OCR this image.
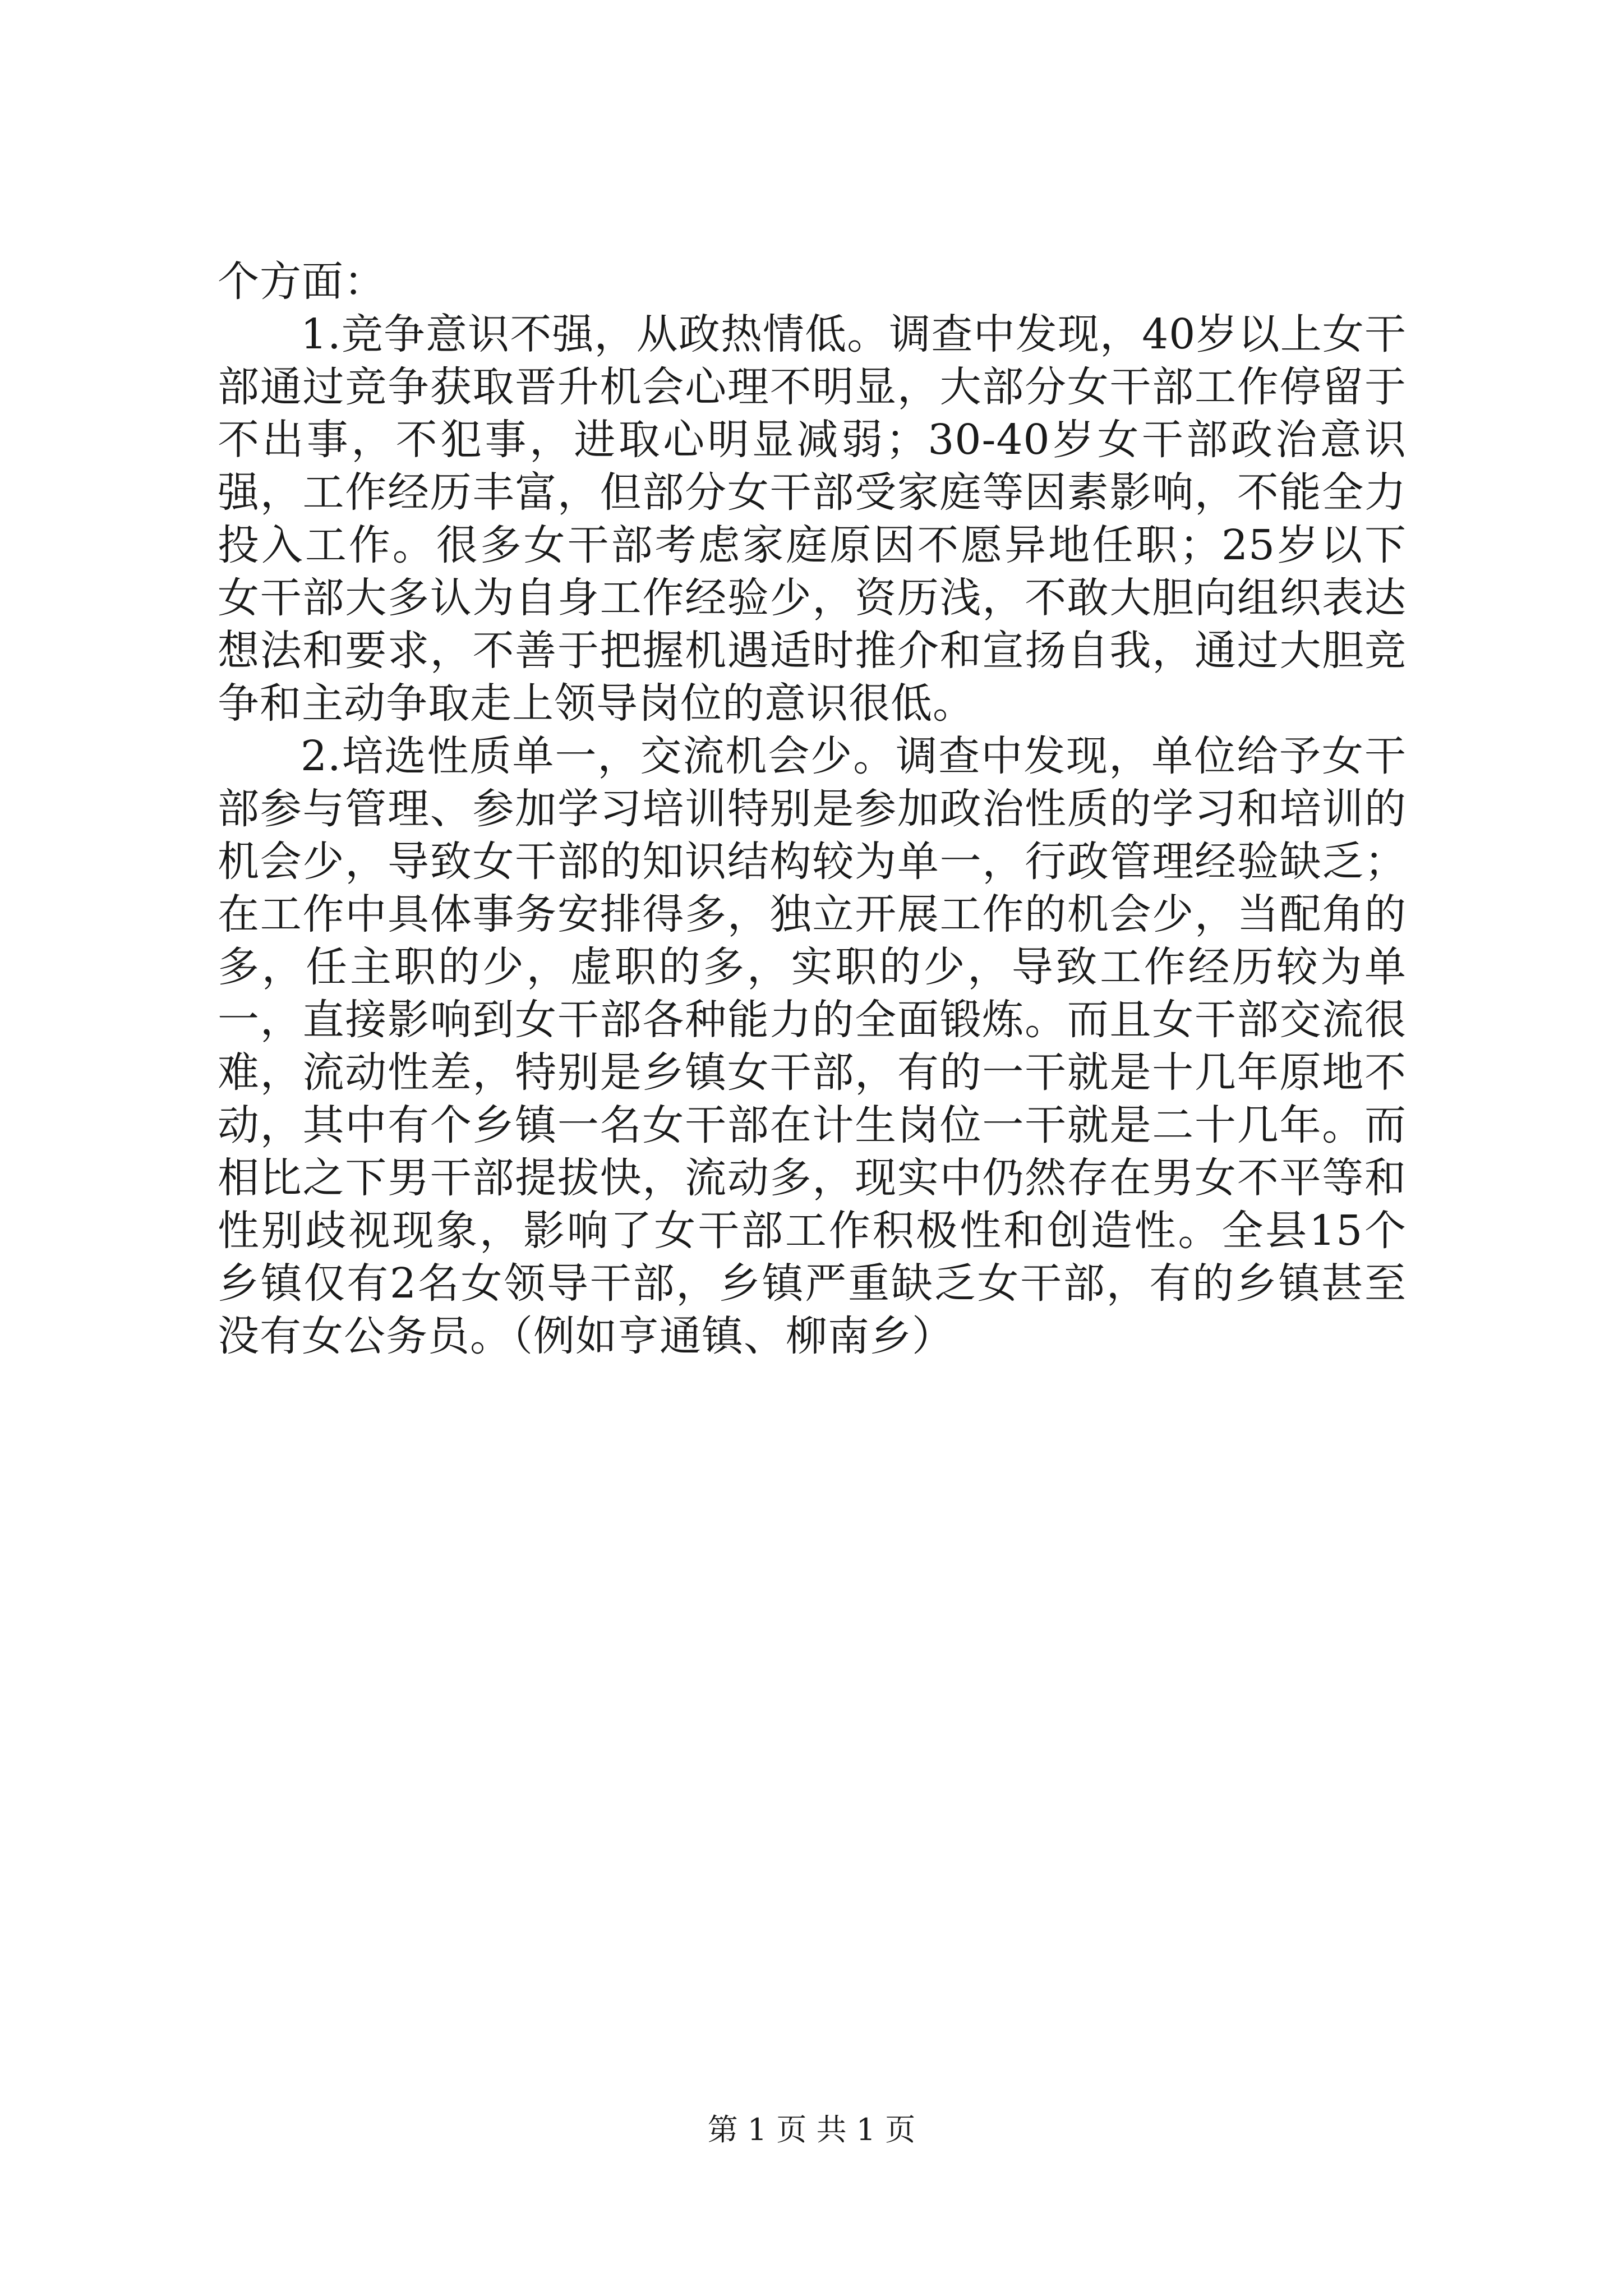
个方面：

1.竞争意识不强，从政热情低。调查中发现，40岁以上女干部通过竞争获取晋升机会心理不明显，大部分女干部工作停留于不出事，不犯事，进取心明显减弱；30-40岁女干部政治意识强，工作经历丰富，但部分女干部受家庭等因素影响，不能全力投入工作。很多女干部考虑家庭原因不愿异地任职；25岁以下女干部大多认为自身工作经验少，资历浅，不敢大胆向组织表达想法和要求，不善于把握机遇适时推介和宣扬自我，通过大胆竞争和主动争取走上领导岗位的意识很低。

2.培选性质单一，交流机会少。调查中发现，单位给予女干部参与管理、参加学习培训特别是参加政治性质的学习和培训的机会少，导致女干部的知识结构较为单一，行政管理经验缺乏；在工作中具体事务安排得多，独立开展工作的机会少，当配角的多，任主职的少，虚职的多，实职的少，导致工作经历较为单一，直接影响到女干部各种能力的全面锻炼。而且女干部交流很难，流动性差，特别是乡镇女干部，有的一干就是十几年原地不动，其中有个乡镇一名女干部在计生岗位一干就是二十几年。而相比之下男干部提拔快，流动多，现实中仍然存在男女不平等和性别歧视现象，影响了女干部工作积极性和创造性。全县15个乡镇仅有2名女领导干部，乡镇严重缺乏女干部，有的乡镇甚至没有女公务员。（例如亨通镇、柳南乡）

第 1 页 共 1 页
